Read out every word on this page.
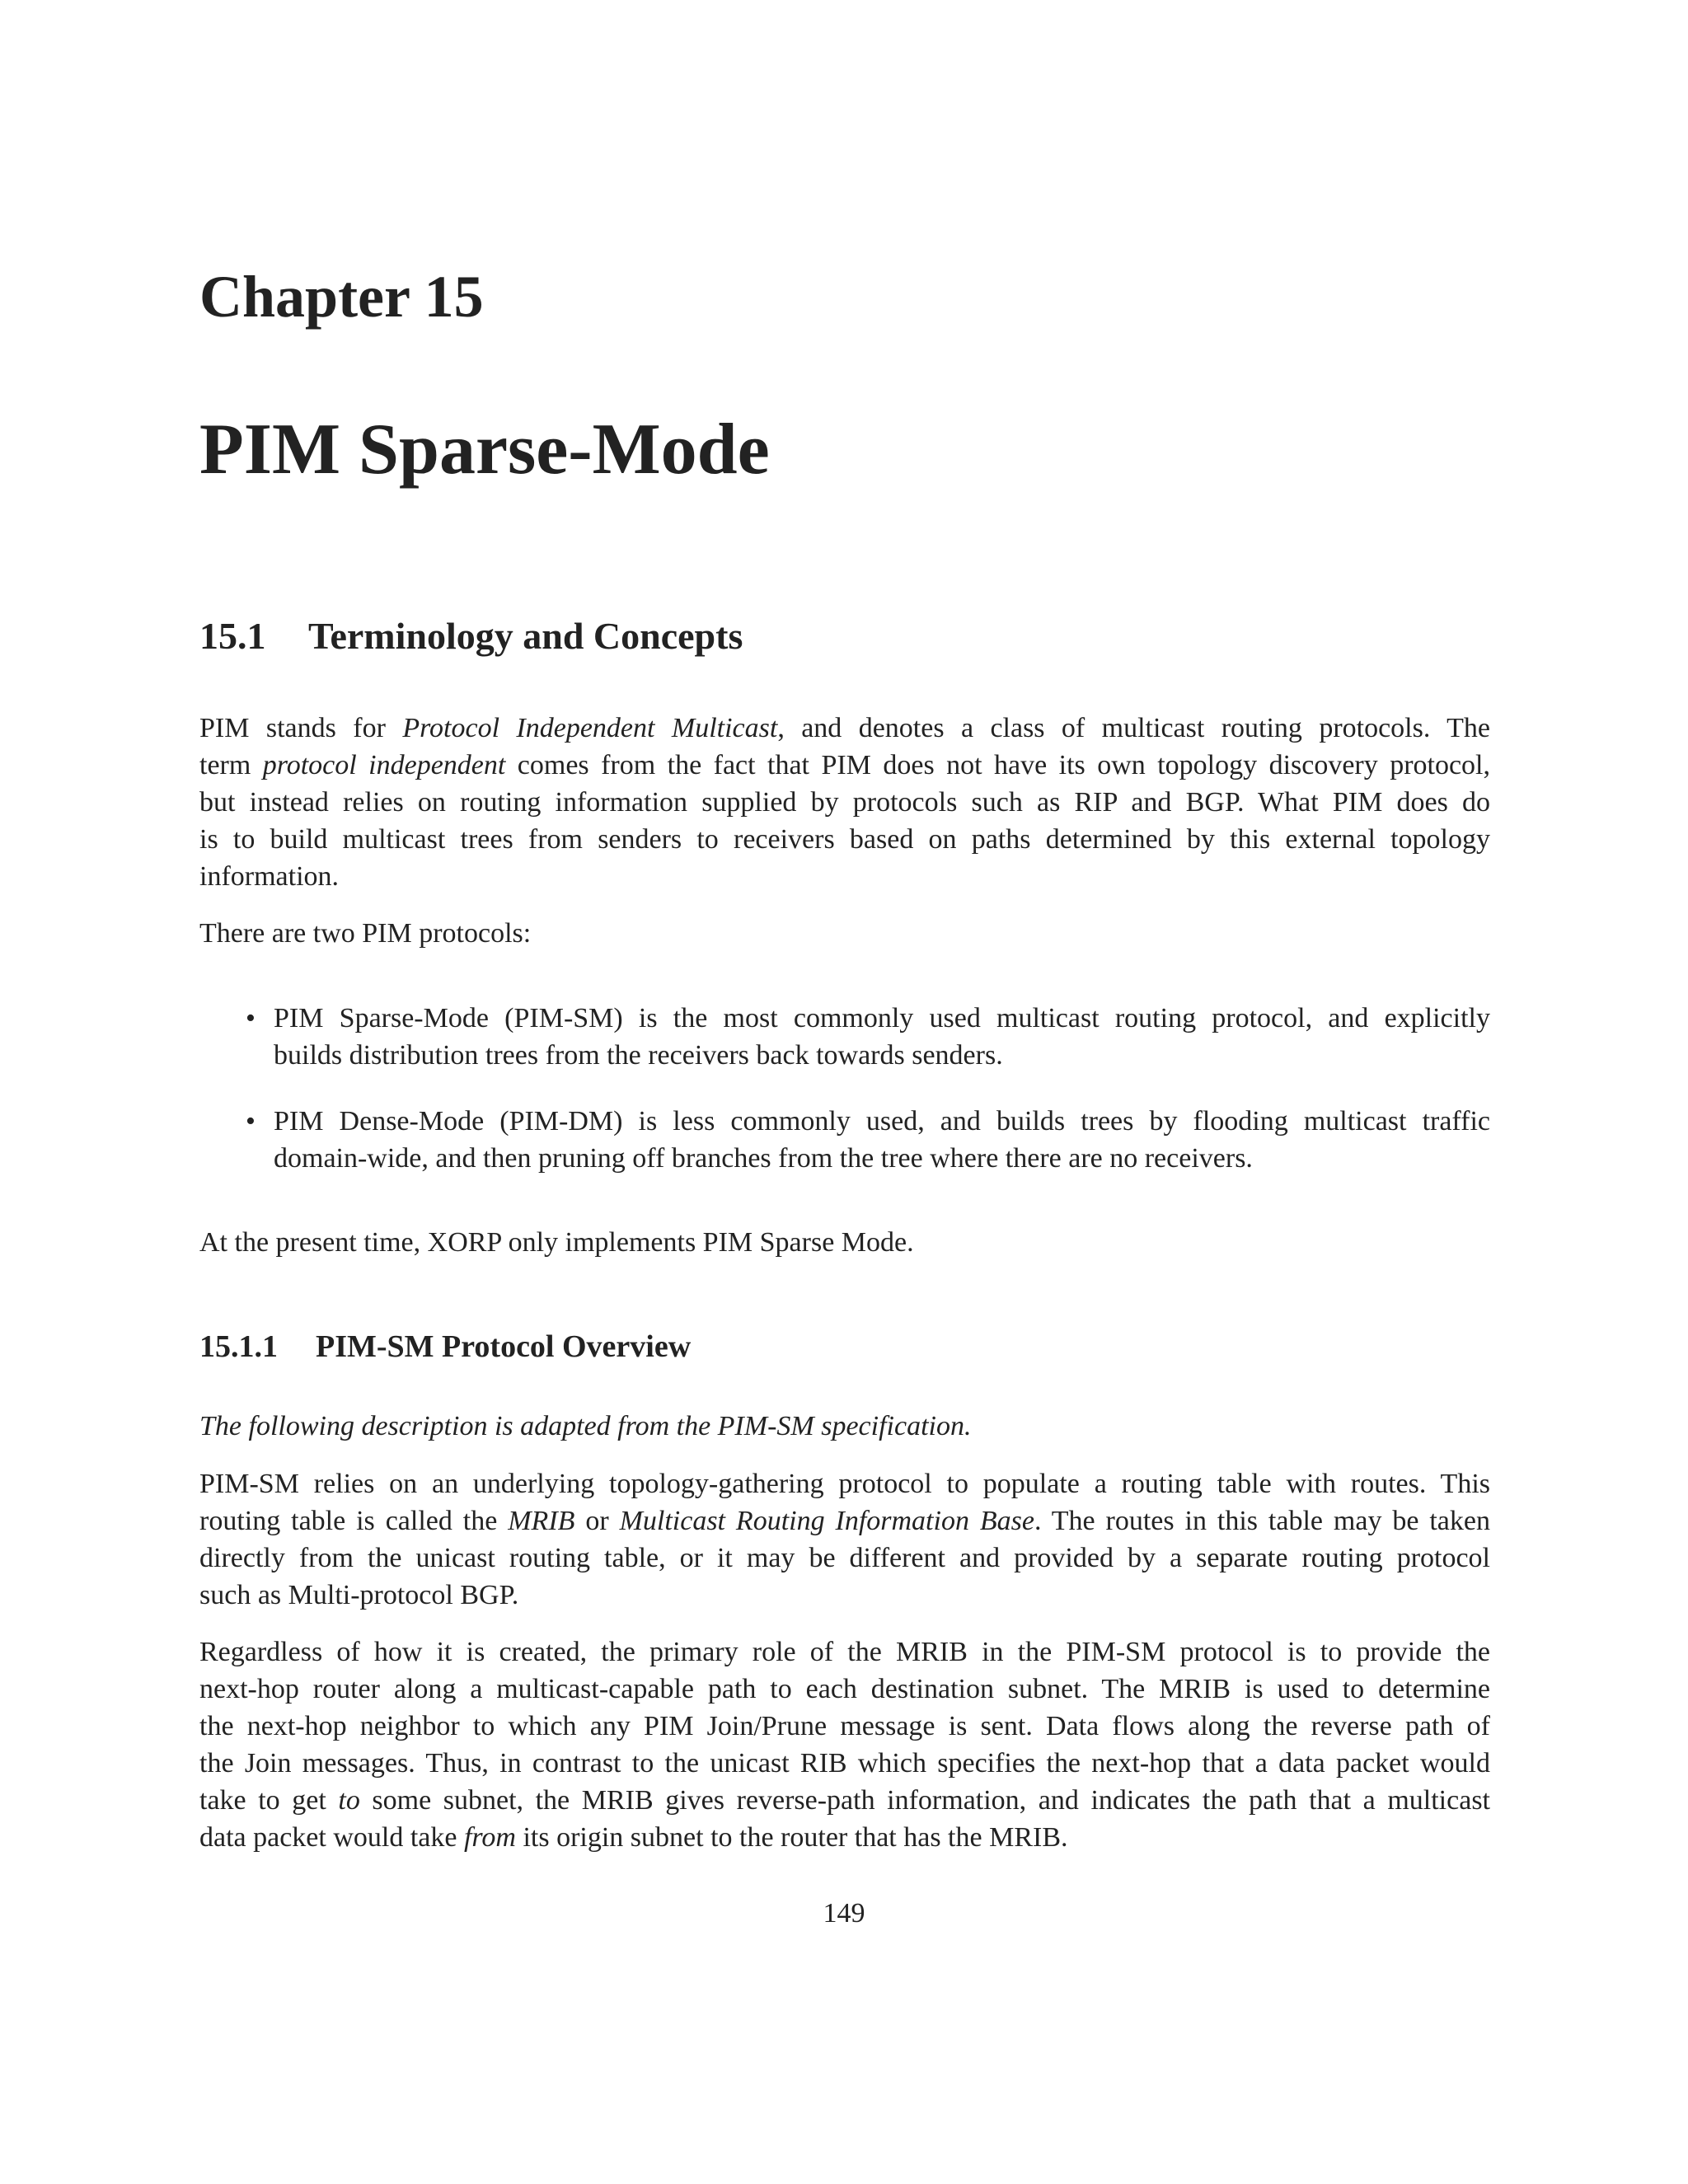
Chapter 15
PIM Sparse-Mode
15.1 Terminology and Concepts

PIM stands for Protocol Independent Multicast, and denotes a class of multicast routing protocols. The
term protocol independent comes from the fact that PIM does not have its own topology discovery protocol,
but instead relies on routing information supplied by protocols such as RIP and BGP. What PIM does do
is to build multicast trees from senders to receivers based on paths determined by this external topology
information.

There are two PIM protocols:

• PIM Sparse-Mode (PIM-SM) is the most commonly used multicast routing protocol, and explicitly
builds distribution trees from the receivers back towards senders.
• PIM Dense-Mode (PIM-DM) is less commonly used, and builds trees by flooding multicast traffic
domain-wide, and then pruning off branches from the tree where there are no receivers.

At the present time, XORP only implements PIM Sparse Mode.

15.1.1 PIM-SM Protocol Overview

The following description is adapted from the PIM-SM specification.

PIM-SM relies on an underlying topology-gathering protocol to populate a routing table with routes. This
routing table is called the MRIB or Multicast Routing Information Base. The routes in this table may be taken
directly from the unicast routing table, or it may be different and provided by a separate routing protocol
such as Multi-protocol BGP.

Regardless of how it is created, the primary role of the MRIB in the PIM-SM protocol is to provide the
next-hop router along a multicast-capable path to each destination subnet. The MRIB is used to determine
the next-hop neighbor to which any PIM Join/Prune message is sent. Data flows along the reverse path of
the Join messages. Thus, in contrast to the unicast RIB which specifies the next-hop that a data packet would
take to get to some subnet, the MRIB gives reverse-path information, and indicates the path that a multicast
data packet would take from its origin subnet to the router that has the MRIB.

149
